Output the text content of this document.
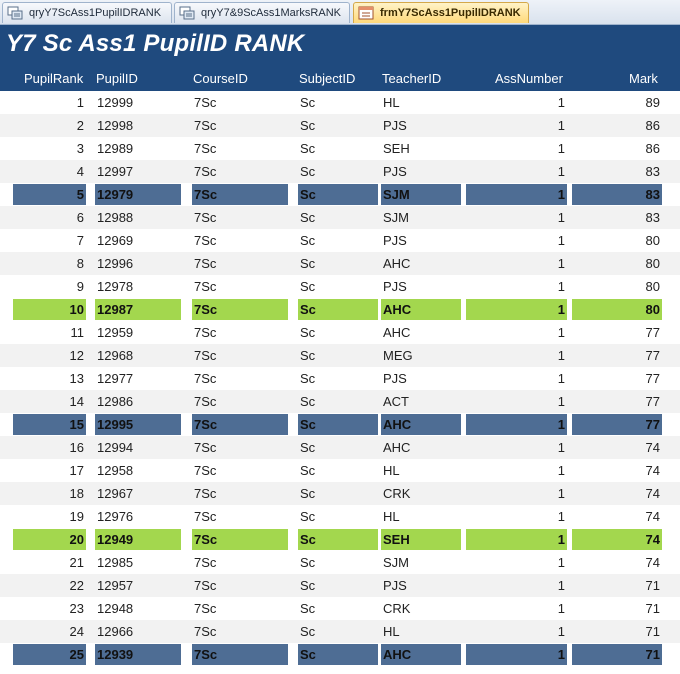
qryY7ScAss1PupilIDRANK	qryY7&9ScAss1MarksRANK	frmY7ScAss1PupilIDRANK
Y7 Sc Ass1 PupilID RANK
PupilRank PupilID	CourseID	SubjectID TeacherID	AssNumber	Mark
1 12999	7Sc	Sc	HL	1	89
2 12998	7Sc	Sc	PJS	1	86
3 12989	7Sc	Sc	SEH	1	86
4 12997	7Sc	Sc	PJS	1	83
5 12979	7Sc	Sc	SJM	1	83
6 12988	7Sc	Sc	SJM	1	83
7 12969	7Sc	Sc	PJS	1	80
8 12996	7Sc	Sc	AHC	1	80
9 12978	7Sc	Sc	PJS	1	80
10 12987	7Sc	Sc	AHC	1	80
11 12959	7Sc	Sc	AHC	1	77
12 12968	7Sc	Sc	MEG	1	77
13 12977	7Sc	Sc	PJS	1	77
14 12986	7Sc	Sc	ACT	1	77
15 12995	7Sc	Sc	AHC	1	77
16 12994	7Sc	Sc	AHC	1	74
17 12958	7Sc	Sc	HL	1	74
18 12967	7Sc	Sc	CRK	1	74
19 12976	7Sc	Sc	HL	1	74
20 12949	7Sc	Sc	SEH	1	74
21 12985	7Sc	Sc	SJM	1	74
22 12957	7Sc	Sc	PJS	1	71
23 12948	7Sc	Sc	CRK	1	71
24 12966	7Sc	Sc	HL	1	71
25 12939	7Sc	Sc	AHC	1	71
